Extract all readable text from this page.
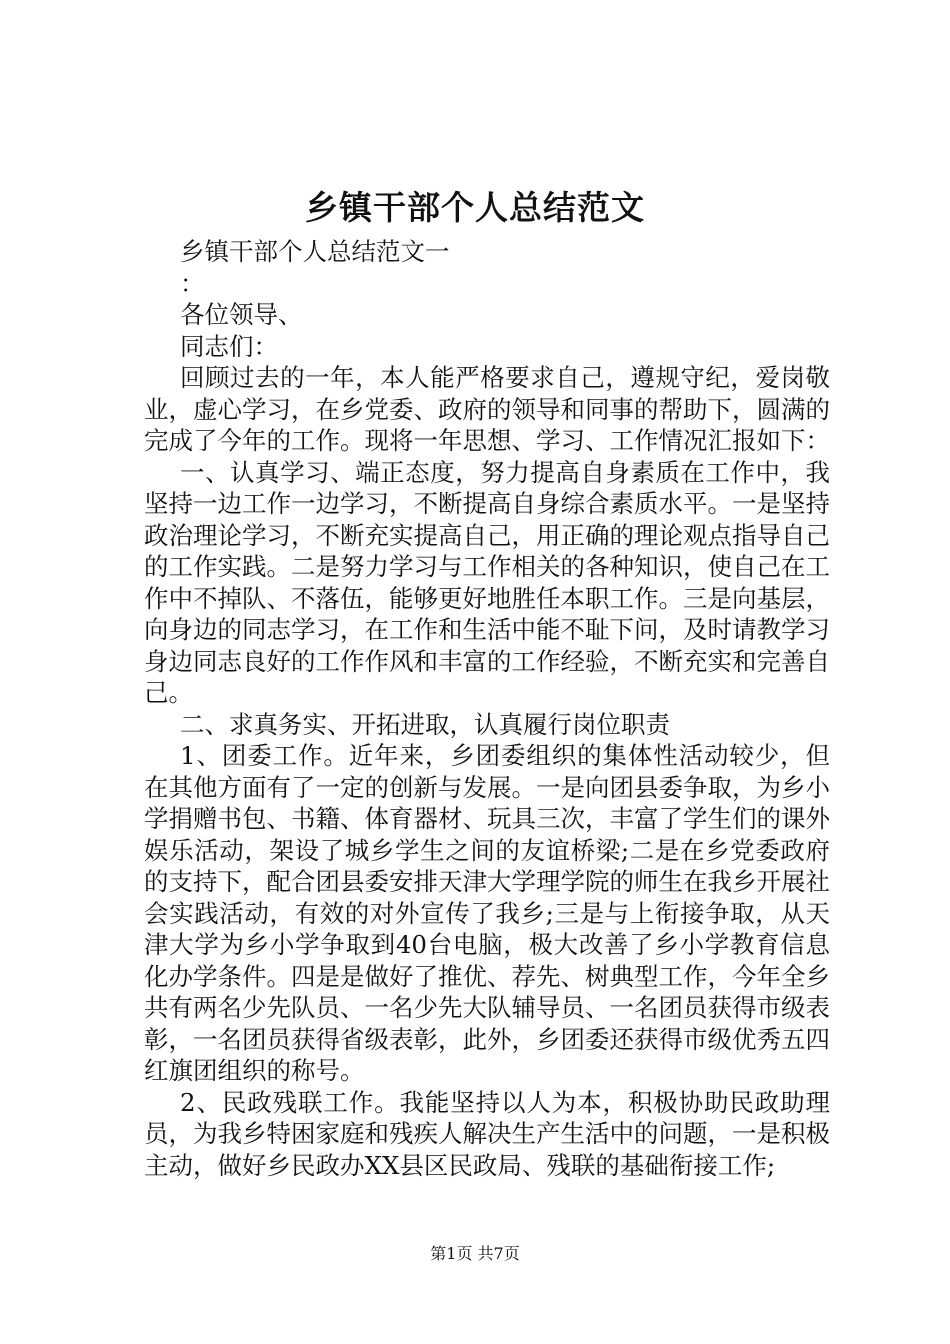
乡镇干部个人总结范文

乡镇干部个人总结范文一

：

各位领导、

同志们：

回顾过去的一年，本人能严格要求自己，遵规守纪，爱岗敬业，虚心学习，在乡党委、政府的领导和同事的帮助下，圆满的完成了今年的工作。现将一年思想、学习、工作情况汇报如下：

一、认真学习、端正态度，努力提高自身素质在工作中，我坚持一边工作一边学习，不断提高自身综合素质水平。一是坚持政治理论学习，不断充实提高自己，用正确的理论观点指导自己的工作实践。二是努力学习与工作相关的各种知识，使自己在工作中不掉队、不落伍，能够更好地胜任本职工作。三是向基层，向身边的同志学习，在工作和生活中能不耻下问，及时请教学习身边同志良好的工作作风和丰富的工作经验，不断充实和完善自己。

二、求真务实、开拓进取，认真履行岗位职责

1、团委工作。近年来，乡团委组织的集体性活动较少，但在其他方面有了一定的创新与发展。一是向团县委争取，为乡小学捐赠书包、书籍、体育器材、玩具三次，丰富了学生们的课外娱乐活动，架设了城乡学生之间的友谊桥梁;二是在乡党委政府的支持下，配合团县委安排天津大学理学院的师生在我乡开展社会实践活动，有效的对外宣传了我乡;三是与上衔接争取，从天津大学为乡小学争取到40台电脑，极大改善了乡小学教育信息化办学条件。四是是做好了推优、荐先、树典型工作，今年全乡共有两名少先队员、一名少先大队辅导员、一名团员获得市级表彰，一名团员获得省级表彰，此外，乡团委还获得市级优秀五四红旗团组织的称号。

2、民政残联工作。我能坚持以人为本，积极协助民政助理员，为我乡特困家庭和残疾人解决生产生活中的问题，一是积极主动，做好乡民政办XX县区民政局、残联的基础衔接工作;

第1页 共7页
